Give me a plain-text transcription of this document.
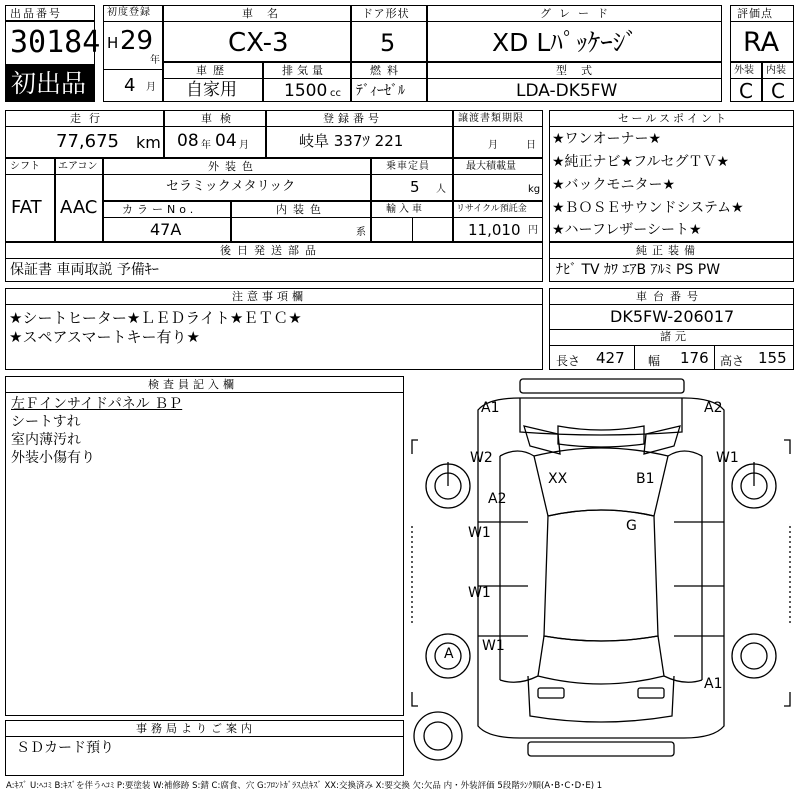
出品番号
30184
初出品
初度登録
H 29
年
4 月
車名
CX-3
ドア形状
5
グレード
XD Lﾊﾟｯｹｰｼﾞ
評価点
RA
車歴
自家用
排気量
1500 cc
燃料
ﾃﾞｨｰｾﾞﾙ
型式
LDA-DK5FW
外装
C
内装
C
走行
77,675 km
車検
08 年 04 月
登録番号
岐阜 337ﾂ 221
譲渡書類期限
月	日
シフト
FAT
エアコン
AAC
外装色
セラミックメタリック
乗車定員
5 人
最大積載量
kg
カラーNo.
47A
内装色
系
輸入車	リサイクル預託金
11,010 円
後日発送部品
保証書 車両取説 予備ｷｰ
セールスポイント
★ワンオーナー★
★純正ナビ★フルセグＴＶ★
★バックモニター★
★ＢＯＳＥサウンドシステム★
★ハーフレザーシート★
純正装備
ﾅﾋﾞ TV ｶﾜ ｴｱB ｱﾙﾐ PS PW
注意事項欄
★シートヒーター★ＬＥＤライト★ＥＴＣ★
★スペアスマートキー有り★
車台番号
DK5FW-206017
諸元
長さ 427 幅 176 高さ 155
検査員記入欄
左Ｆインサイドパネル ＢＰ
シートすれ
室内薄汚れ
外装小傷有り
事務局よりご案内
ＳＤカード預り
A1	A2
W2	W1
XX	B1
A2
G
W1
W1
W1
A
A1
A:ｷｽﾞ U:ﾍｺﾐ B:ｷｽﾞを伴うﾍｺﾐ P:要塗装 W:補修跡 S:錆 C:腐食、穴 G:ﾌﾛﾝﾄｶﾞﾗｽ点ｷｽﾞ XX:交換済み X:要交換 欠:欠品 内・外装評価 5段階ﾗﾝｸ順(A･B･C･D･E) 1
